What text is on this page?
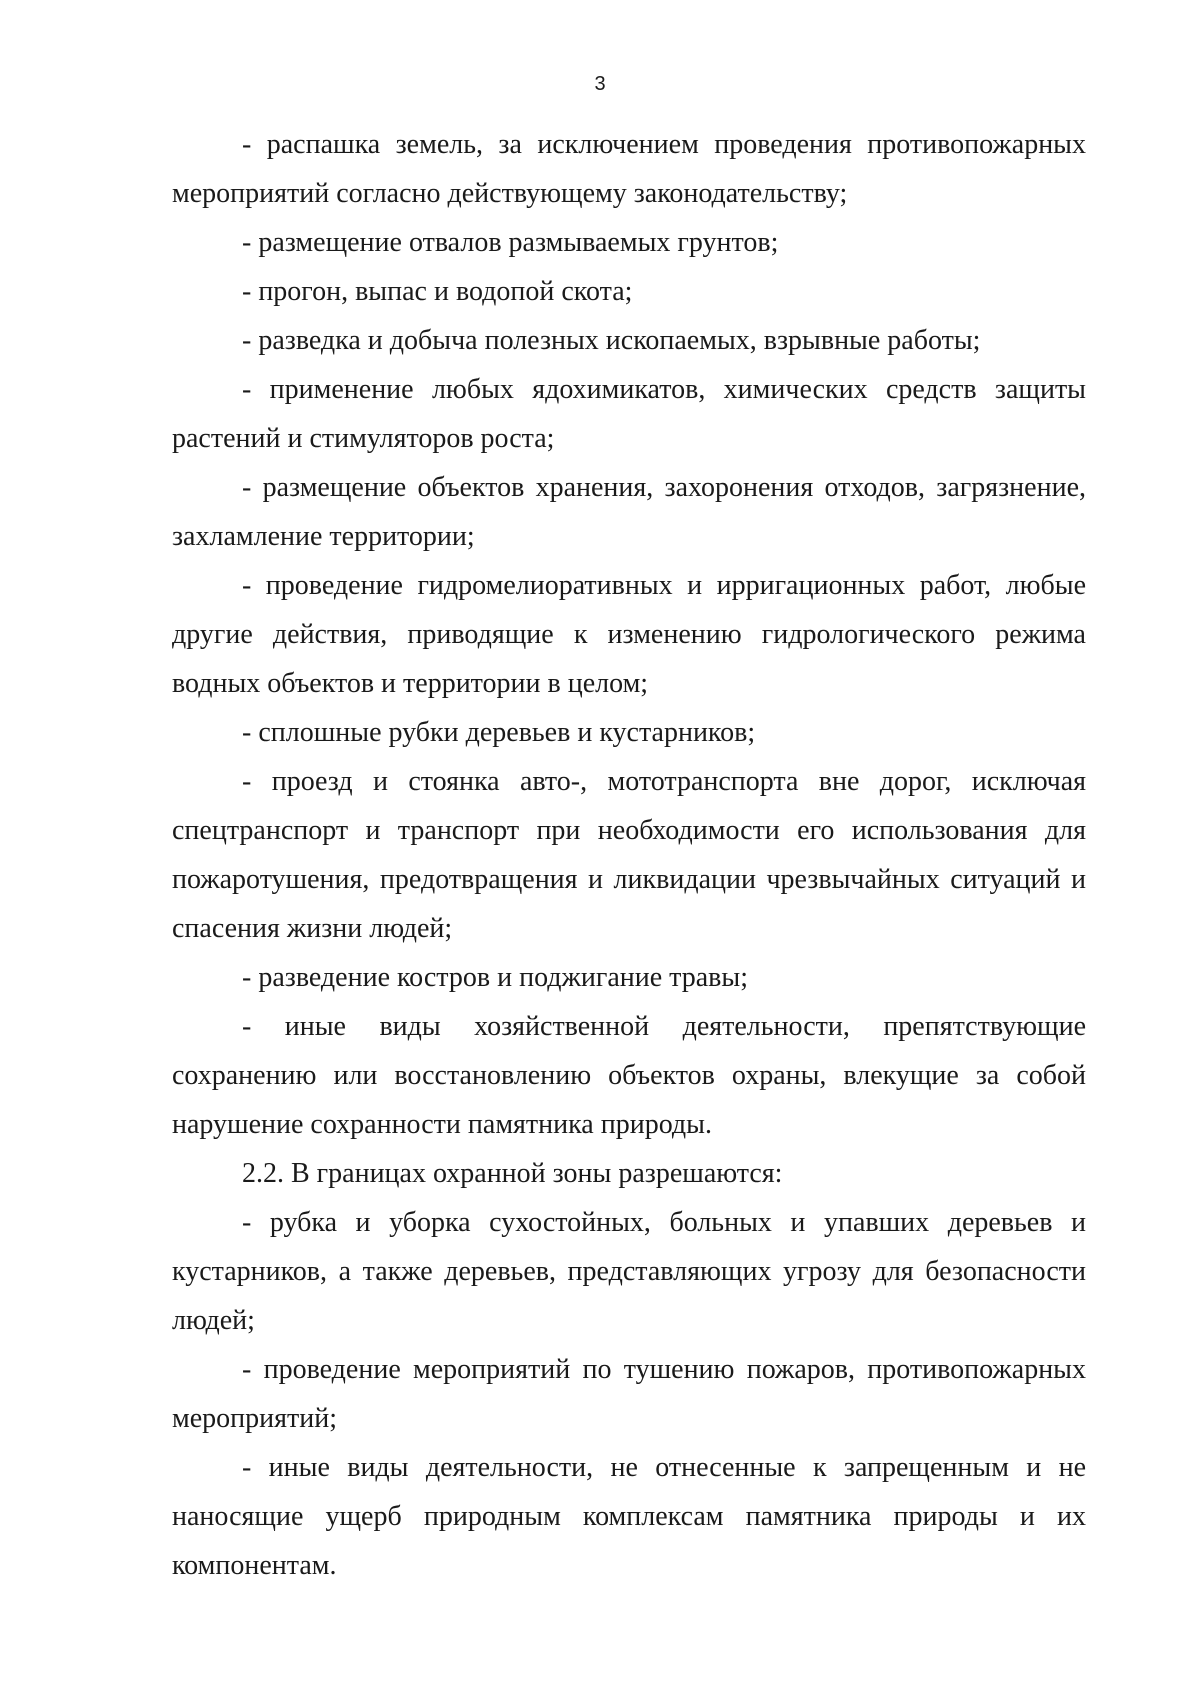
3

- распашка земель, за исключением проведения противопожарных мероприятий согласно действующему законодательству;

- размещение отвалов размываемых грунтов;

- прогон, выпас и водопой скота;

- разведка и добыча полезных ископаемых, взрывные работы;

- применение любых ядохимикатов, химических средств защиты растений и стимуляторов роста;

- размещение объектов хранения, захоронения отходов, загрязнение, захламление территории;

- проведение гидромелиоративных и ирригационных работ, любые другие действия, приводящие к изменению гидрологического режима водных объектов и территории в целом;

- сплошные рубки деревьев и кустарников;

- проезд и стоянка авто-, мототранспорта вне дорог, исключая спецтранспорт и транспорт при необходимости его использования для пожаротушения, предотвращения и ликвидации чрезвычайных ситуаций и спасения жизни людей;

- разведение костров и поджигание травы;

- иные виды хозяйственной деятельности, препятствующие сохранению или восстановлению объектов охраны, влекущие за собой нарушение сохранности памятника природы.

2.2. В границах охранной зоны разрешаются:

- рубка и уборка сухостойных, больных и упавших деревьев и кустарников, а также деревьев, представляющих угрозу для безопасности людей;

- проведение мероприятий по тушению пожаров, противопожарных мероприятий;

- иные виды деятельности, не отнесенные к запрещенным и не наносящие ущерб природным комплексам памятника природы и их компонентам.
